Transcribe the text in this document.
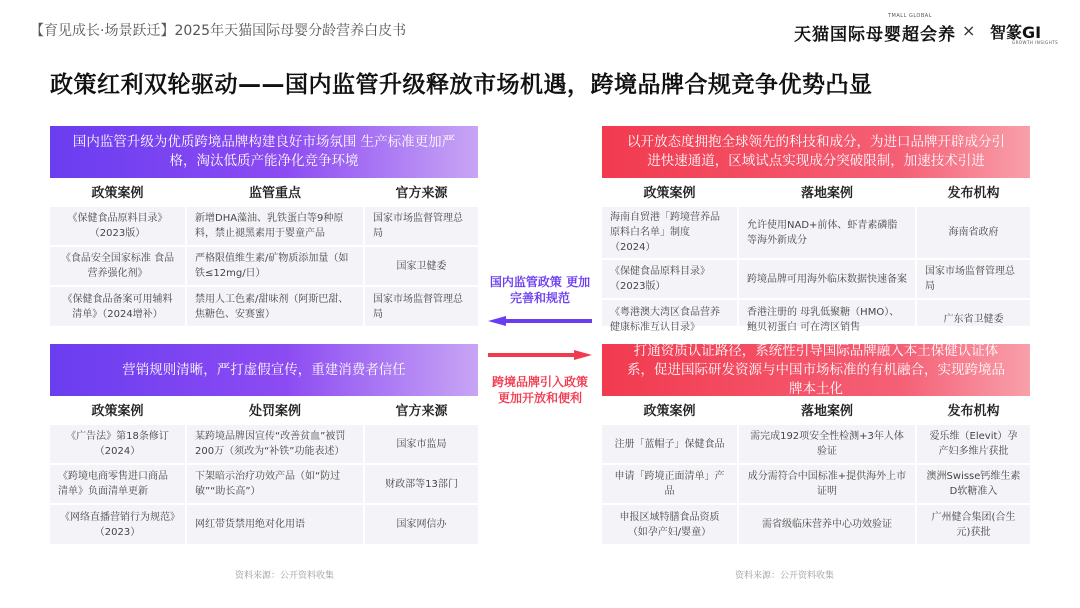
【育见成长·场景跃迁】2025年天猫国际母婴分龄营养白皮书
TMALL GLOBAL
天猫国际母婴超会养 × 智篆GI
GROWTH INSIGHTS
政策红利双轮驱动——国内监管升级释放市场机遇，跨境品牌合规竞争优势凸显
国内监管升级为优质跨境品牌构建良好市场氛围 生产标准更加严格，淘汰低质产能净化竞争环境
政策案例	监管重点	官方来源
《保健食品原料目录》（2023版）	新增DHA藻油、乳铁蛋白等9种原料，禁止褪黑素用于婴童产品	国家市场监督管理总局
《食品安全国家标准 食品营养强化剂》	严格限值维生素/矿物质添加量（如铁≤12mg/日）	国家卫健委
《保健食品备案可用辅料清单》（2024增补）	禁用人工色素/甜味剂（阿斯巴甜、焦糖色、安赛蜜）	国家市场监督管理总局
营销规则清晰，严打虚假宣传，重建消费者信任
政策案例	处罚案例	官方来源
《广告法》第18条修订（2024）	某跨境品牌因宣传“改善贫血”被罚200万（须改为“补铁”功能表述）	国家市监局
《跨境电商零售进口商品清单》负面清单更新	下架暗示治疗功效产品（如“防过敏”“助长高”）	财政部等13部门
《网络直播营销行为规范》（2023）	网红带货禁用绝对化用语	国家网信办
以开放态度拥抱全球领先的科技和成分，为进口品牌开辟成分引进快速通道，区域试点实现成分突破限制，加速技术引进
政策案例	落地案例	发布机构
海南自贸港「跨境营养品原料白名单」制度（2024）	允许使用NAD+前体、虾青素磷脂等海外新成分	海南省政府
《保健食品原料目录》（2023版）	跨境品牌可用海外临床数据快速备案	国家市场监督管理总局
《粤港澳大湾区食品营养健康标准互认目录》	香港注册的 母乳低聚糖（HMO）、鲍贝初蛋白 可在湾区销售	广东省卫健委
打通资质认证路径，系统性引导国际品牌融入本土保健认证体系，促进国际研发资源与中国市场标准的有机融合，实现跨境品牌本土化
政策案例	落地案例	发布机构
注册「蓝帽子」保健食品	需完成192项安全性检测+3年人体验证	爱乐维（Elevit）孕产妇多维片获批
申请「跨境正面清单」产品	成分需符合中国标准+提供海外上市证明	澳洲Swisse钙维生素D软糖准入
申报区域特膳食品资质（如孕产妇/婴童）	需省级临床营养中心功效验证	广州健合集团(合生元)获批
国内监管政策 更加完善和规范
跨境品牌引入政策 更加开放和便利
资料来源：公开资料收集	资料来源：公开资料收集
